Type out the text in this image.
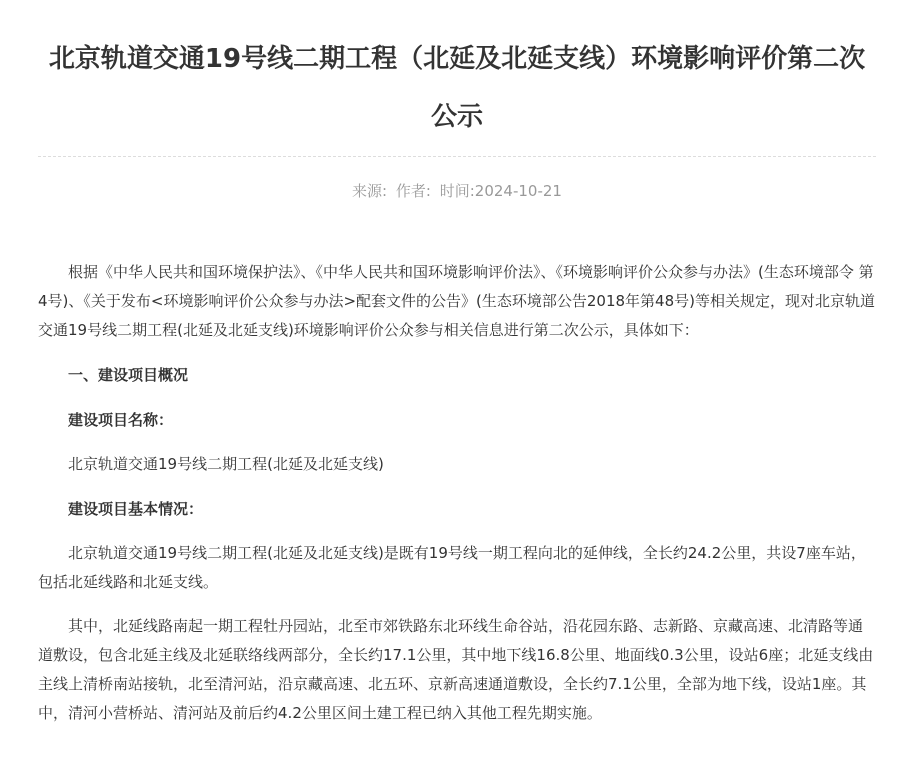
北京轨道交通19号线二期工程（北延及北延支线）环境影响评价第二次公示
来源: 作者: 时间:2024-10-21

根据《中华人民共和国环境保护法》、《中华人民共和国环境影响评价法》、《环境影响评价公众参与办法》(生态环境部令 第4号)、《关于发布<环境影响评价公众参与办法>配套文件的公告》(生态环境部公告2018年第48号)等相关规定，现对北京轨道交通19号线二期工程(北延及北延支线)环境影响评价公众参与相关信息进行第二次公示，具体如下：

一、建设项目概况

建设项目名称：

北京轨道交通19号线二期工程(北延及北延支线)

建设项目基本情况：

北京轨道交通19号线二期工程(北延及北延支线)是既有19号线一期工程向北的延伸线，全长约24.2公里，共设7座车站，包括北延线路和北延支线。

其中，北延线路南起一期工程牡丹园站，北至市郊铁路东北环线生命谷站，沿花园东路、志新路、京藏高速、北清路等通道敷设，包含北延主线及北延联络线两部分，全长约17.1公里，其中地下线16.8公里、地面线0.3公里，设站6座；北延支线由主线上清桥南站接轨，北至清河站，沿京藏高速、北五环、京新高速通道敷设，全长约7.1公里，全部为地下线，设站1座。其中，清河小营桥站、清河站及前后约4.2公里区间土建工程已纳入其他工程先期实施。
